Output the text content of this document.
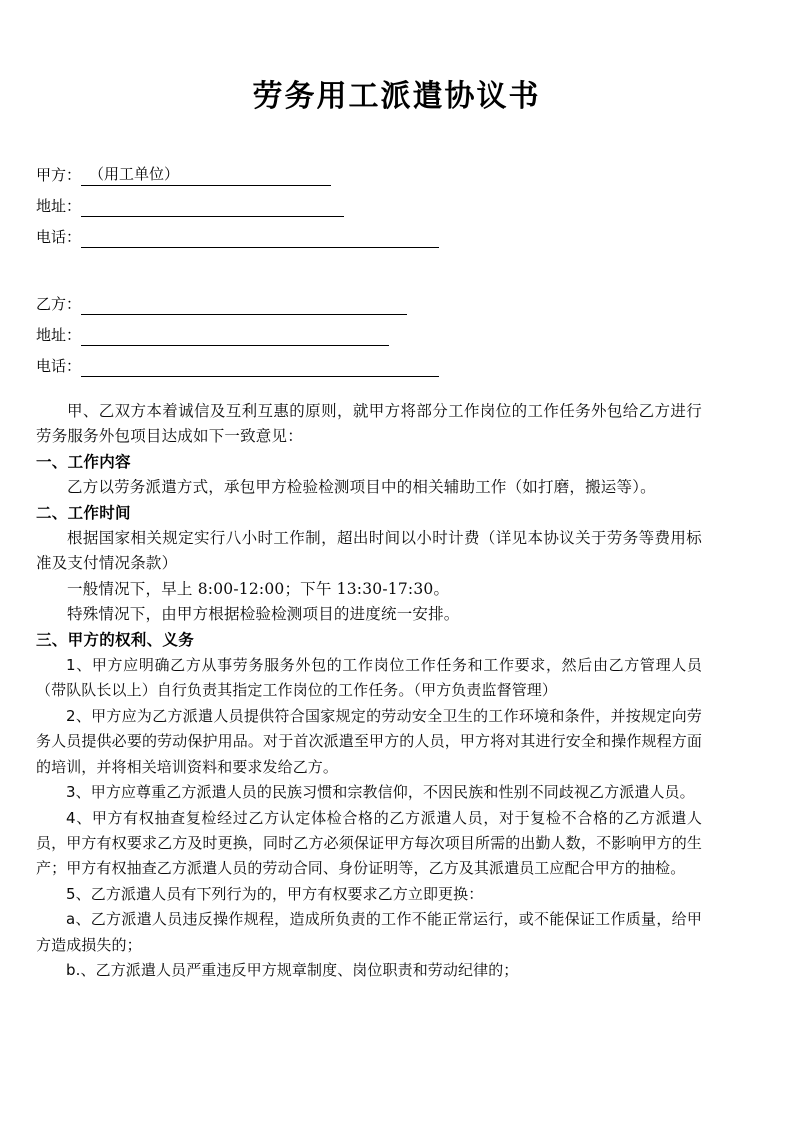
劳务用工派遣协议书
甲方： （用工单位）
地址：
电话：
乙方：
地址：
电话：

甲、乙双方本着诚信及互利互惠的原则，就甲方将部分工作岗位的工作任务外包给乙方进行劳务服务外包项目达成如下一致意见：

一、工作内容

乙方以劳务派遣方式，承包甲方检验检测项目中的相关辅助工作（如打磨，搬运等）。

二、工作时间

根据国家相关规定实行八小时工作制，超出时间以小时计费（详见本协议关于劳务等费用标准及支付情况条款）

一般情况下，早上 8:00-12:00；下午 13:30-17:30。

特殊情况下，由甲方根据检验检测项目的进度统一安排。

三、甲方的权利、义务

1、甲方应明确乙方从事劳务服务外包的工作岗位工作任务和工作要求，然后由乙方管理人员（带队队长以上）自行负责其指定工作岗位的工作任务。（甲方负责监督管理）

2、甲方应为乙方派遣人员提供符合国家规定的劳动安全卫生的工作环境和条件，并按规定向劳务人员提供必要的劳动保护用品。对于首次派遣至甲方的人员，甲方将对其进行安全和操作规程方面的培训，并将相关培训资料和要求发给乙方。

3、甲方应尊重乙方派遣人员的民族习惯和宗教信仰，不因民族和性别不同歧视乙方派遣人员。

4、甲方有权抽查复检经过乙方认定体检合格的乙方派遣人员，对于复检不合格的乙方派遣人员，甲方有权要求乙方及时更换，同时乙方必须保证甲方每次项目所需的出勤人数，不影响甲方的生产；甲方有权抽查乙方派遣人员的劳动合同、身份证明等，乙方及其派遣员工应配合甲方的抽检。

5、乙方派遣人员有下列行为的，甲方有权要求乙方立即更换：

a、乙方派遣人员违反操作规程，造成所负责的工作不能正常运行，或不能保证工作质量，给甲方造成损失的；

b.、乙方派遣人员严重违反甲方规章制度、岗位职责和劳动纪律的；
